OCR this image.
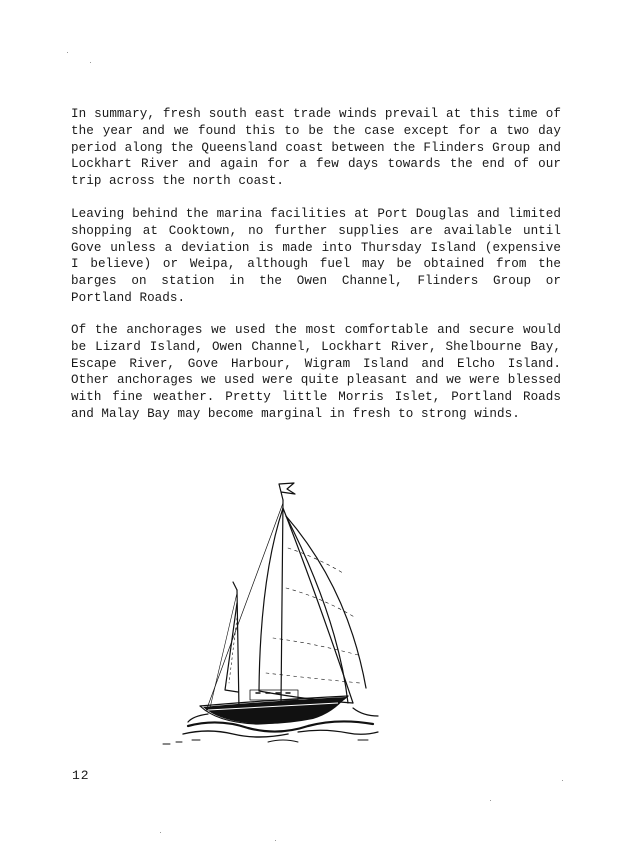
In summary, fresh south east trade winds prevail at this time of the year and we found this to be the case except for a two day period along the Queensland coast between the Flinders Group and Lockhart River and again for a few days towards the end of our trip across the north coast.

Leaving behind the marina facilities at Port Douglas and limited shopping at Cooktown, no further supplies are available until Gove unless a deviation is made into Thursday Island (expensive I believe) or Weipa, although fuel may be obtained from the barges on station in the Owen Channel, Flinders Group or Portland Roads.

Of the anchorages we used the most comfortable and secure would be Lizard Island, Owen Channel, Lockhart River, Shelbourne Bay, Escape River, Gove Harbour, Wigram Island and Elcho Island. Other anchorages we used were quite pleasant and we were blessed with fine weather. Pretty little Morris Islet, Portland Roads and Malay Bay may become marginal in fresh to strong winds.

12
